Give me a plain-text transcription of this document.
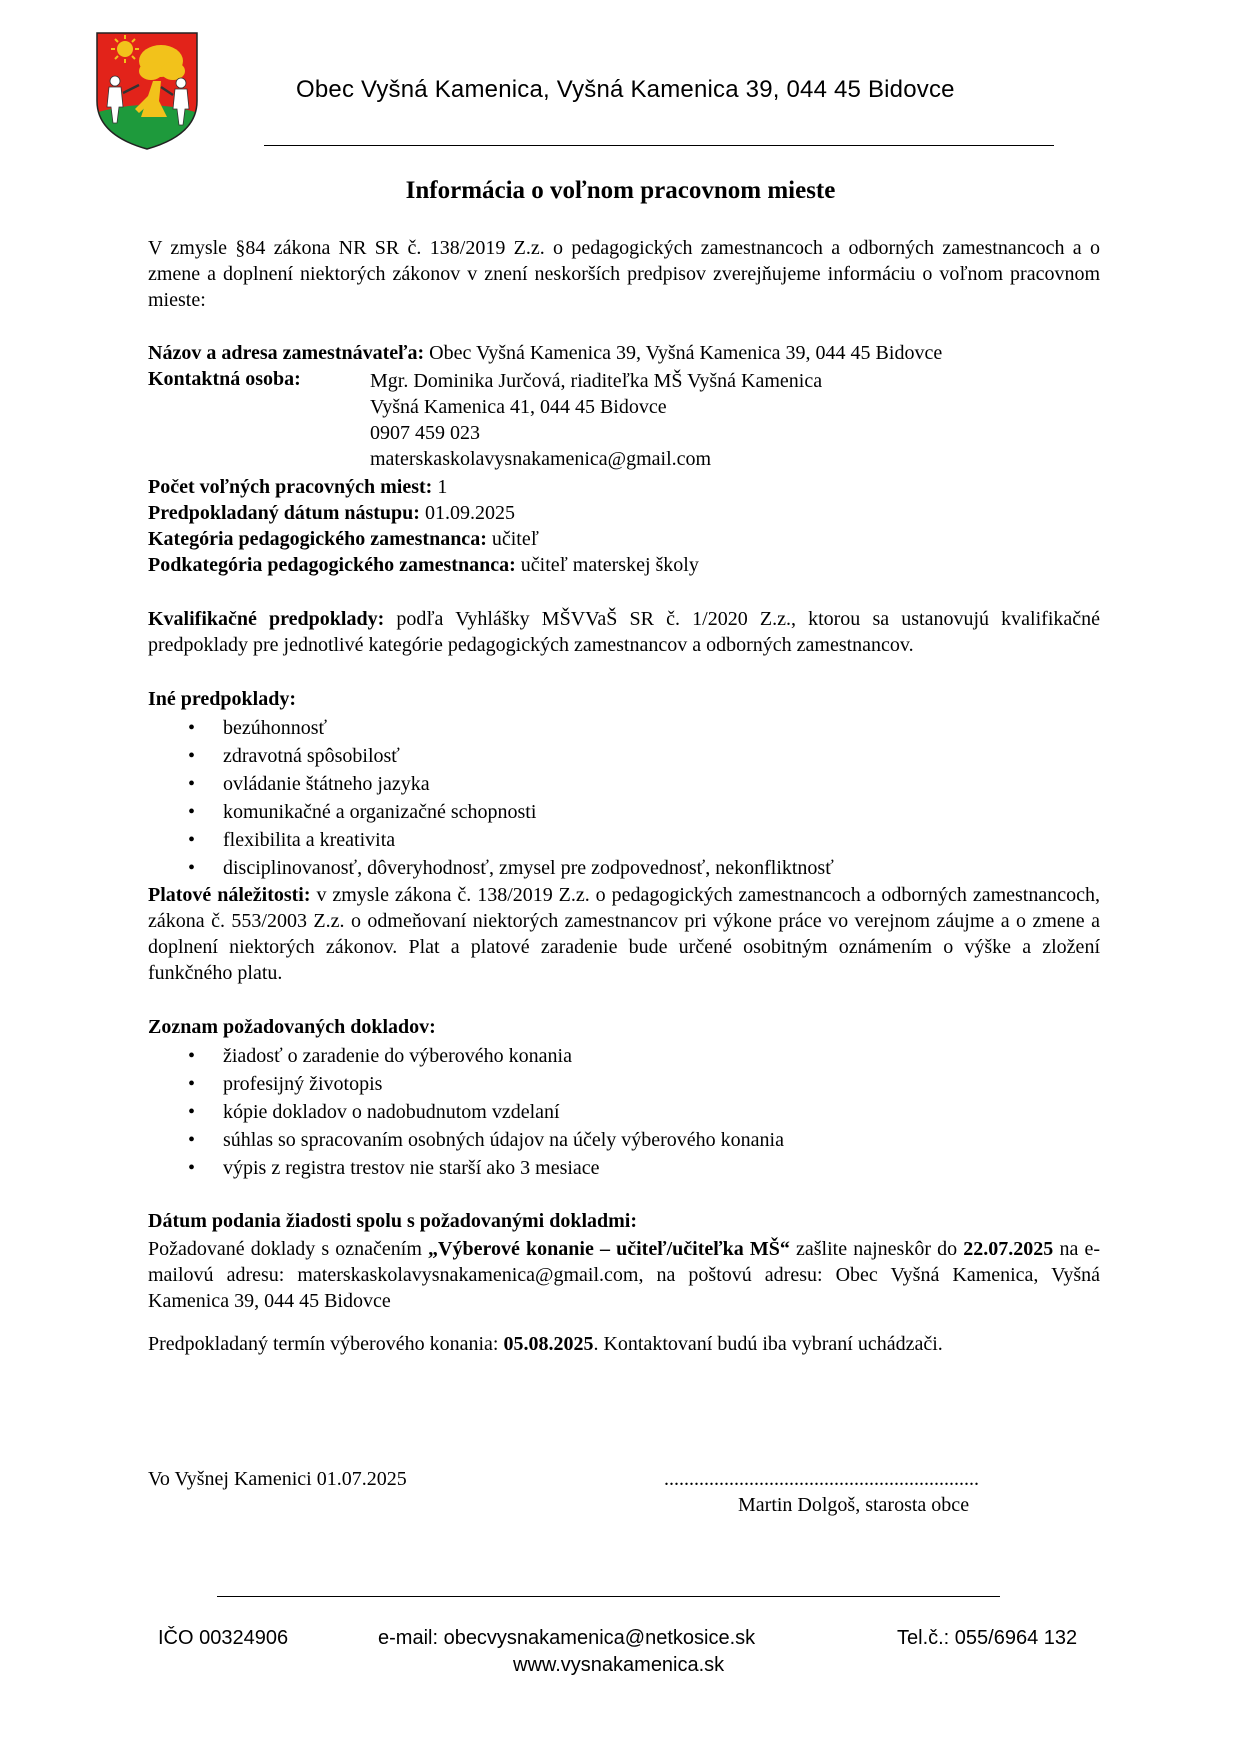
Obec Vyšná Kamenica, Vyšná Kamenica 39, 044 45 Bidovce
Informácia o voľnom pracovnom mieste
V zmysle §84 zákona NR SR č. 138/2019 Z.z. o pedagogických zamestnancoch a odborných zamestnancoch a o zmene a doplnení niektorých zákonov v znení neskorších predpisov zverejňujeme informáciu o voľnom pracovnom mieste:
Názov a adresa zamestnávateľa: Obec Vyšná Kamenica 39, Vyšná Kamenica 39, 044 45 Bidovce
Kontaktná osoba:	Mgr. Dominika Jurčová, riaditeľka MŠ Vyšná Kamenica
Vyšná Kamenica 41, 044 45 Bidovce
0907 459 023
materskaskolavysnakamenica@gmail.com
Počet voľných pracovných miest: 1
Predpokladaný dátum nástupu: 01.09.2025
Kategória pedagogického zamestnanca: učiteľ
Podkategória pedagogického zamestnanca: učiteľ materskej školy
Kvalifikačné predpoklady: podľa Vyhlášky MŠVVaŠ SR č. 1/2020 Z.z., ktorou sa ustanovujú kvalifikačné predpoklady pre jednotlivé kategórie pedagogických zamestnancov a odborných zamestnancov.
Iné predpoklady:
• bezúhonnosť
• zdravotná spôsobilosť
• ovládanie štátneho jazyka
• komunikačné a organizačné schopnosti
• flexibilita a kreativita
• disciplinovanosť, dôveryhodnosť, zmysel pre zodpovednosť, nekonfliktnosť
Platové náležitosti: v zmysle zákona č. 138/2019 Z.z. o pedagogických zamestnancoch a odborných zamestnancoch, zákona č. 553/2003 Z.z. o odmeňovaní niektorých zamestnancov pri výkone práce vo verejnom záujme a o zmene a doplnení niektorých zákonov. Plat a platové zaradenie bude určené osobitným oznámením o výške a zložení funkčného platu.
Zoznam požadovaných dokladov:
• žiadosť o zaradenie do výberového konania
• profesijný životopis
• kópie dokladov o nadobudnutom vzdelaní
• súhlas so spracovaním osobných údajov na účely výberového konania
• výpis z registra trestov nie starší ako 3 mesiace
Dátum podania žiadosti spolu s požadovanými dokladmi:
Požadované doklady s označením „Výberové konanie – učiteľ/učiteľka MŠ“ zašlite najneskôr do 22.07.2025 na e-mailovú adresu: materskaskolavysnakamenica@gmail.com, na poštovú adresu: Obec Vyšná Kamenica, Vyšná Kamenica 39, 044 45 Bidovce
Predpokladaný termín výberového konania: 05.08.2025. Kontaktovaní budú iba vybraní uchádzači.
Vo Vyšnej Kamenici 01.07.2025	...............................................................
Martin Dolgoš, starosta obce
IČO 00324906	e-mail: obecvysnakamenica@netkosice.sk	Tel.č.: 055/6964 132
www.vysnakamenica.sk
